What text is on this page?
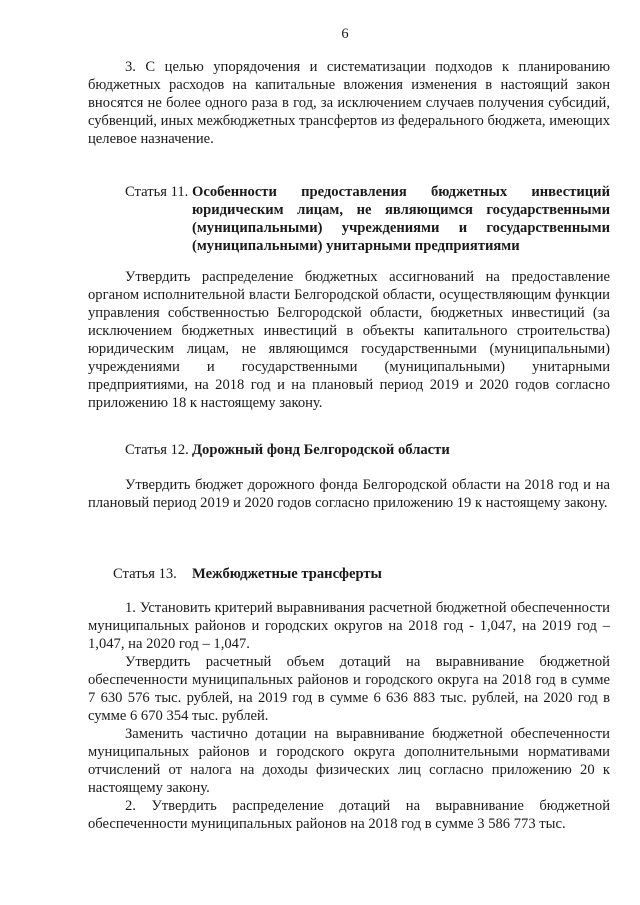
6
3. С целью упорядочения и систематизации подходов к планированию бюджетных расходов на капитальные вложения изменения в настоящий закон вносятся не более одного раза в год, за исключением случаев получения субсидий, субвенций, иных межбюджетных трансфертов из федерального бюджета, имеющих целевое назначение.
Статья 11. Особенности предоставления бюджетных инвестиций юридическим лицам, не являющимся государственными (муниципальными) учреждениями и государственными (муниципальными) унитарными предприятиями
Утвердить распределение бюджетных ассигнований на предоставление органом исполнительной власти Белгородской области, осуществляющим функции управления собственностью Белгородской области, бюджетных инвестиций (за исключением бюджетных инвестиций в объекты капитального строительства) юридическим лицам, не являющимся государственными (муниципальными) учреждениями и государственными (муниципальными) унитарными предприятиями, на 2018 год и на плановый период 2019 и 2020 годов согласно приложению 18 к настоящему закону.
Статья 12. Дорожный фонд Белгородской области
Утвердить бюджет дорожного фонда Белгородской области на 2018 год и на плановый период 2019 и 2020 годов согласно приложению 19 к настоящему закону.
Статья 13. Межбюджетные трансферты
1. Установить критерий выравнивания расчетной бюджетной обеспеченности муниципальных районов и городских округов на 2018 год - 1,047, на 2019 год – 1,047, на 2020 год – 1,047.
Утвердить расчетный объем дотаций на выравнивание бюджетной обеспеченности муниципальных районов и городского округа на 2018 год в сумме 7 630 576 тыс. рублей, на 2019 год в сумме 6 636 883 тыс. рублей, на 2020 год в сумме 6 670 354 тыс. рублей.
Заменить частично дотации на выравнивание бюджетной обеспеченности муниципальных районов и городского округа дополнительными нормативами отчислений от налога на доходы физических лиц согласно приложению 20 к настоящему закону.
2. Утвердить распределение дотаций на выравнивание бюджетной обеспеченности муниципальных районов на 2018 год в сумме 3 586 773 тыс.
